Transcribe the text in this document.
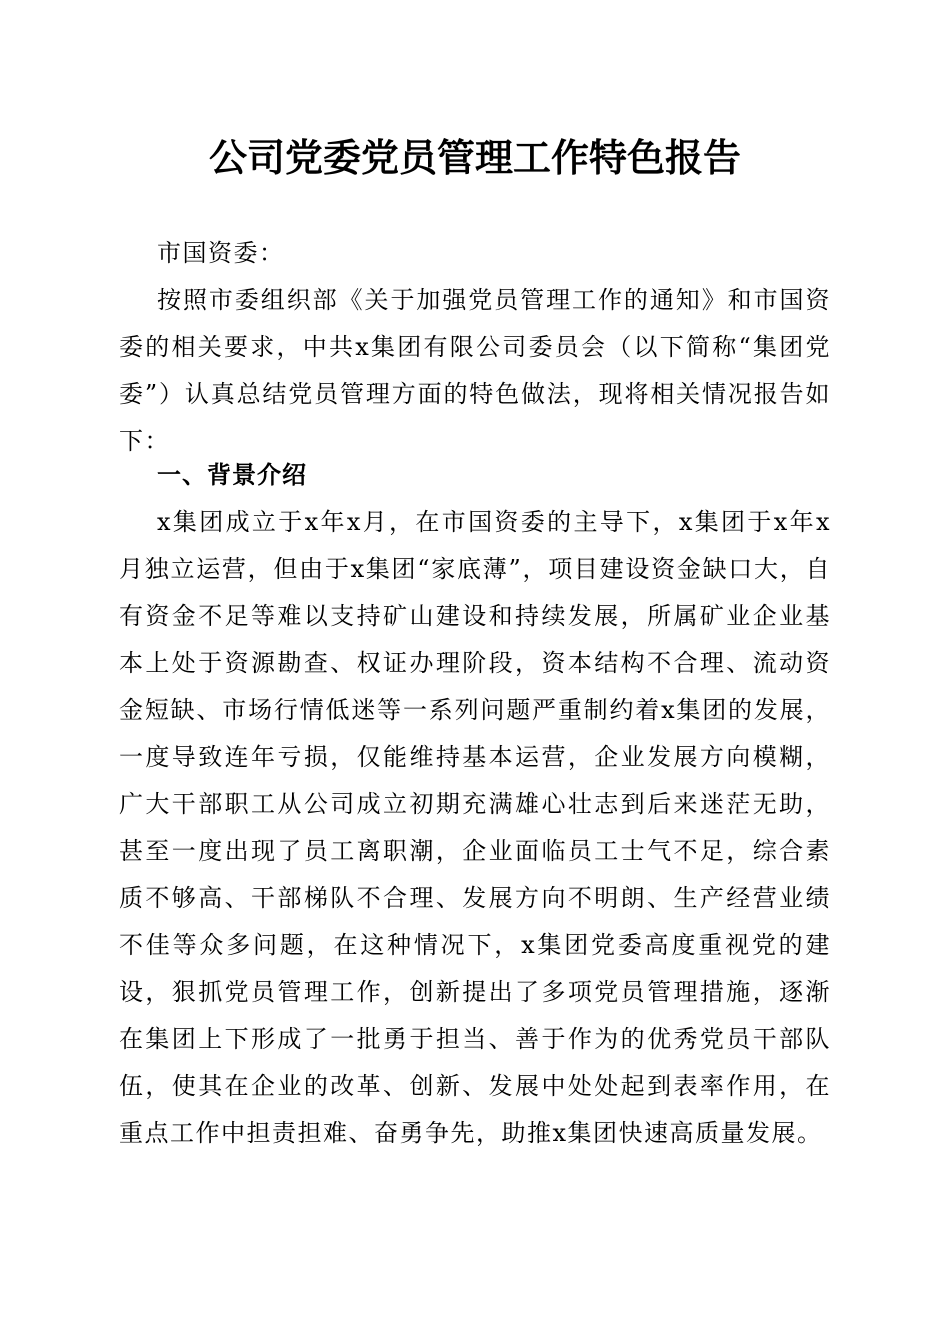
公司党委党员管理工作特色报告

市国资委：

按照市委组织部《关于加强党员管理工作的通知》和市国资委的相关要求，中共x集团有限公司委员会（以下简称“集团党委”）认真总结党员管理方面的特色做法，现将相关情况报告如下：

一、背景介绍

x集团成立于x年x月，在市国资委的主导下，x集团于x年x月独立运营，但由于x集团“家底薄”，项目建设资金缺口大，自有资金不足等难以支持矿山建设和持续发展，所属矿业企业基本上处于资源勘查、权证办理阶段，资本结构不合理、流动资金短缺、市场行情低迷等一系列问题严重制约着x集团的发展，一度导致连年亏损，仅能维持基本运营，企业发展方向模糊，广大干部职工从公司成立初期充满雄心壮志到后来迷茫无助，甚至一度出现了员工离职潮，企业面临员工士气不足，综合素质不够高、干部梯队不合理、发展方向不明朗、生产经营业绩不佳等众多问题，在这种情况下，x集团党委高度重视党的建设，狠抓党员管理工作，创新提出了多项党员管理措施，逐渐在集团上下形成了一批勇于担当、善于作为的优秀党员干部队伍，使其在企业的改革、创新、发展中处处起到表率作用，在重点工作中担责担难、奋勇争先，助推x集团快速高质量发展。
